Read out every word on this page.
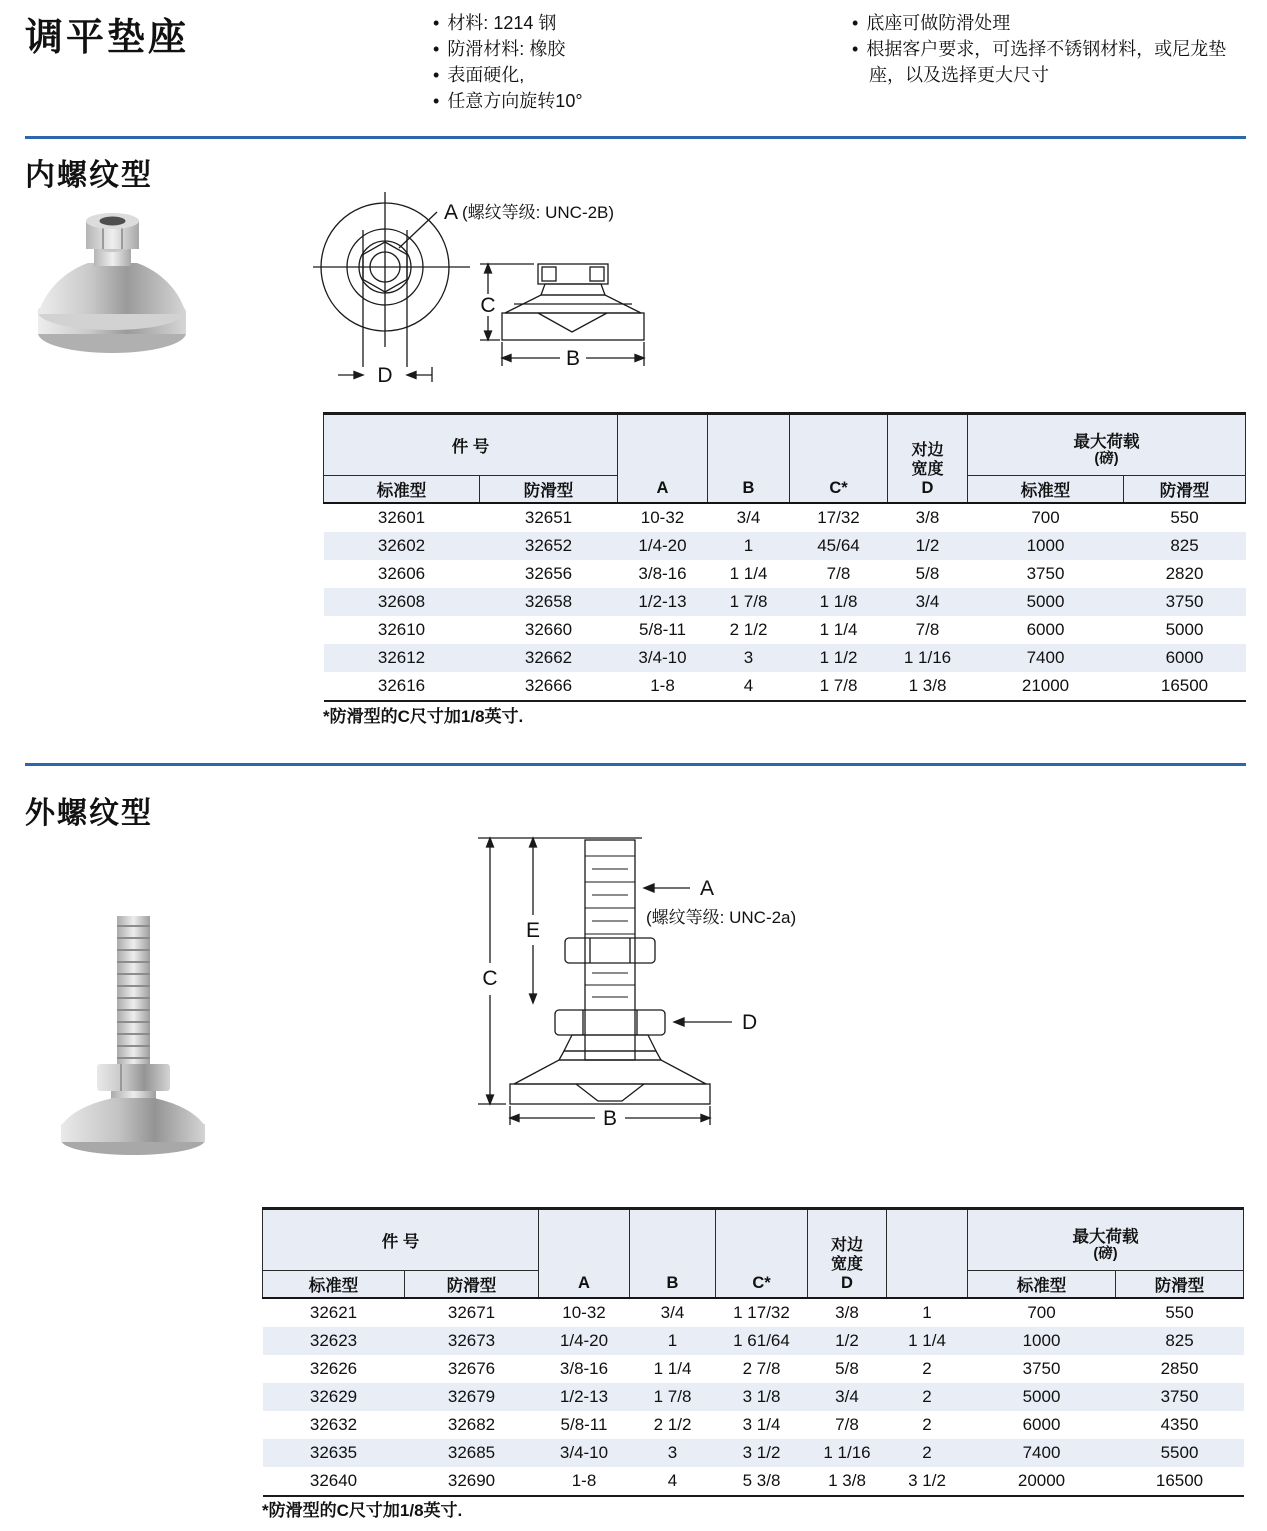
调平垫座	• 材料: 1214 钢
• 防滑材料: 橡胶
• 表面硬化,
• 任意方向旋转10°
• 底座可做防滑处理
• 根据客户要求，可选择不锈钢材料，或尼龙垫座，以及选择更大尺寸
内螺纹型
D
A (螺纹等级: UNC-2B)
C
B
件 号		A	B	C*	对边宽度
D	最大荷载
(磅)	

标准型	防滑型					标准型	防滑型
32601	32651	10-32	3/4	17/32	3/8	700	550
32602	32652	1/4-20	1	45/64	1/2	1000	825
32606	32656	3/8-16	1 1/4	7/8	5/8	3750	2820
32608	32658	1/2-13	1 7/8	1 1/8	3/4	5000	3750
32610	32660	5/8-11	2 1/2	1 1/4	7/8	6000	5000
32612	32662	3/4-10	3	1 1/2	1 1/16	7400	6000
32616	32666	1-8	4	1 7/8	1 3/8	21000	16500
*防滑型的C尺寸加1/8英寸.
外螺纹型
C
E
A
(螺纹等级: UNC-2a)
D
B
件 号		A	B	C*	对边宽度
D		最大荷载
(磅)	

标准型	防滑型						标准型	防滑型
32621	32671	10-32	3/4	1 17/32	3/8	1	700	550
32623	32673	1/4-20	1	1 61/64	1/2	1 1/4	1000	825
32626	32676	3/8-16	1 1/4	2 7/8	5/8	2	3750	2850
32629	32679	1/2-13	1 7/8	3 1/8	3/4	2	5000	3750
32632	32682	5/8-11	2 1/2	3 1/4	7/8	2	6000	4350
32635	32685	3/4-10	3	3 1/2	1 1/16	2	7400	5500
32640	32690	1-8	4	5 3/8	1 3/8	3 1/2	20000	16500
*防滑型的C尺寸加1/8英寸.
